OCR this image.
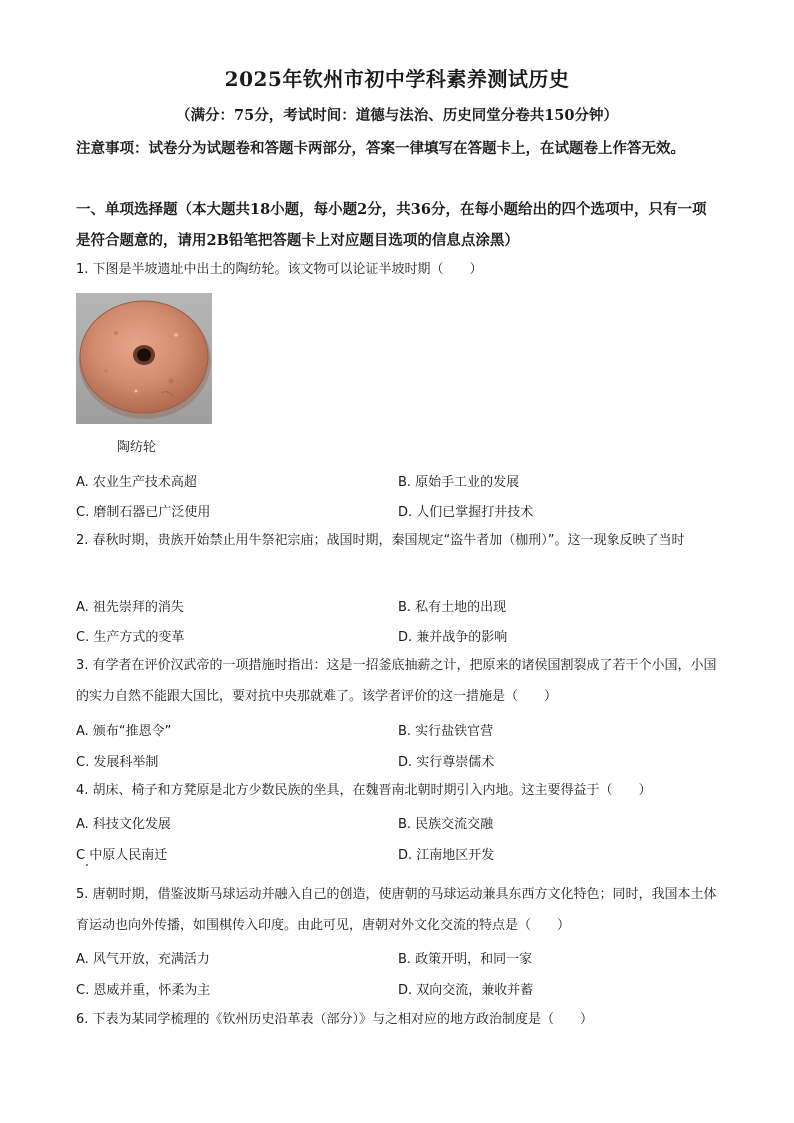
2025年钦州市初中学科素养测试历史
（满分：75分，考试时间：道德与法治、历史同堂分卷共150分钟）
注意事项：试卷分为试题卷和答题卡两部分，答案一律填写在答题卡上，在试题卷上作答无效。
一、单项选择题（本大题共18小题，每小题2分，共36分，在每小题给出的四个选项中，只有一项是符合题意的，请用2B铅笔把答题卡上对应题目选项的信息点涂黑）
1. 下图是半坡遗址中出土的陶纺轮。该文物可以论证半坡时期（　　）
陶纺轮
A. 农业生产技术高超	B. 原始手工业的发展
C. 磨制石器已广泛使用	D. 人们已掌握打井技术
2. 春秋时期，贵族开始禁止用牛祭祀宗庙；战国时期，秦国规定“盗牛者加（枷刑）”。这一现象反映了当时
A. 祖先崇拜的消失	B. 私有土地的出现
C. 生产方式的变革	D. 兼并战争的影响
3. 有学者在评价汉武帝的一项措施时指出：这是一招釜底抽薪之计，把原来的诸侯国割裂成了若干个小国，小国的实力自然不能跟大国比，要对抗中央那就难了。该学者评价的这一措施是（　　）
A. 颁布“推恩令”	B. 实行盐铁官营
C. 发展科举制	D. 实行尊崇儒术
4. 胡床、椅子和方凳原是北方少数民族的坐具，在魏晋南北朝时期引入内地。这主要得益于（　　）
A. 科技文化发展	B. 民族交流交融
C 中原人民南迁	D. 江南地区开发
5. 唐朝时期，借鉴波斯马球运动并融入自己的创造，使唐朝的马球运动兼具东西方文化特色；同时，我国本土体育运动也向外传播，如围棋传入印度。由此可见，唐朝对外文化交流的特点是（　　）
A. 风气开放，充满活力	B. 政策开明，和同一家
C. 恩威并重，怀柔为主	D. 双向交流，兼收并蓄
6. 下表为某同学梳理的《钦州历史沿革表（部分）》与之相对应的地方政治制度是（　　）
